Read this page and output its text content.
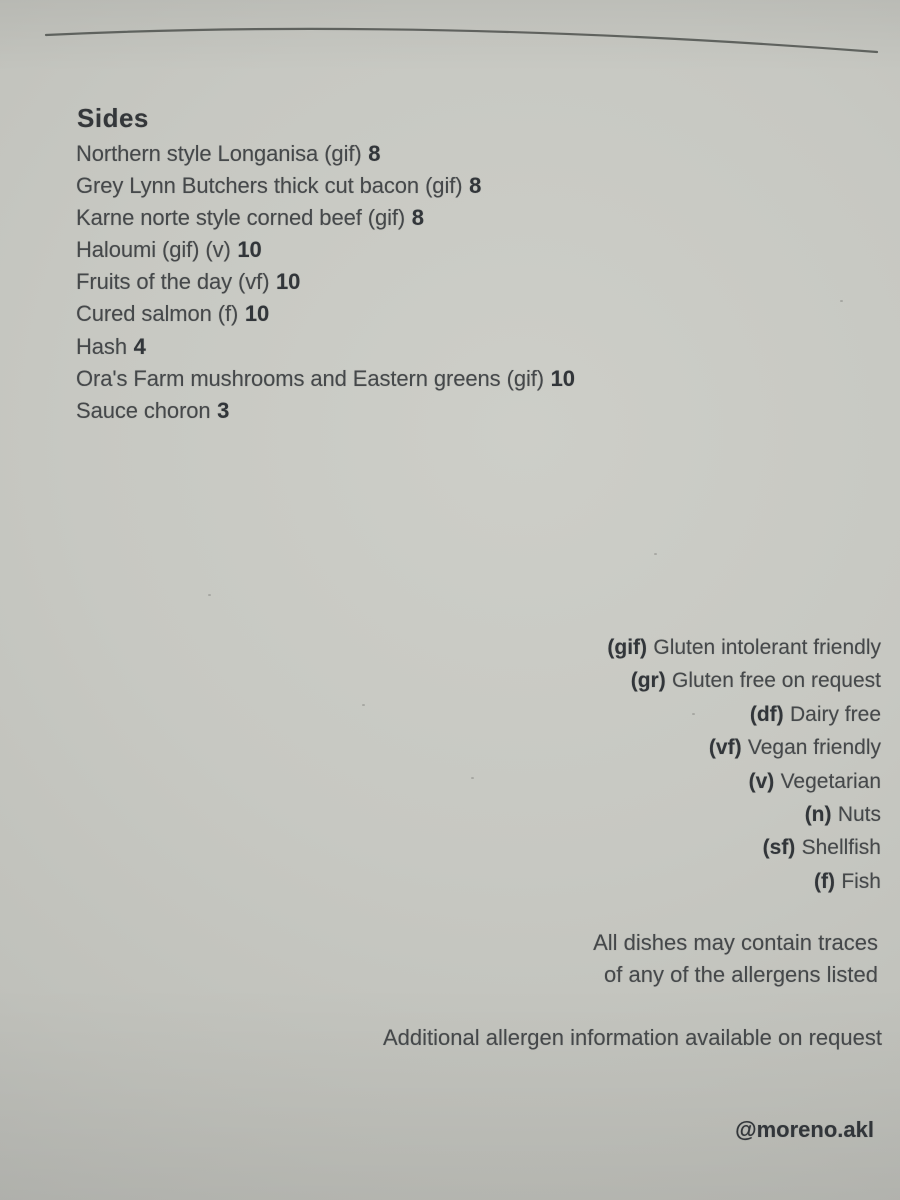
Sides
Northern style Longanisa (gif) 8
Grey Lynn Butchers thick cut bacon (gif) 8
Karne norte style corned beef (gif) 8
Haloumi (gif) (v) 10
Fruits of the day (vf) 10
Cured salmon (f) 10
Hash 4
Ora's Farm mushrooms and Eastern greens (gif) 10
Sauce choron 3
(gif) Gluten intolerant friendly
(gr) Gluten free on request
(df) Dairy free
(vf) Vegan friendly
(v) Vegetarian
(n) Nuts
(sf) Shellfish
(f) Fish
All dishes may contain traces
of any of the allergens listed
Additional allergen information available on request
@moreno.akl
